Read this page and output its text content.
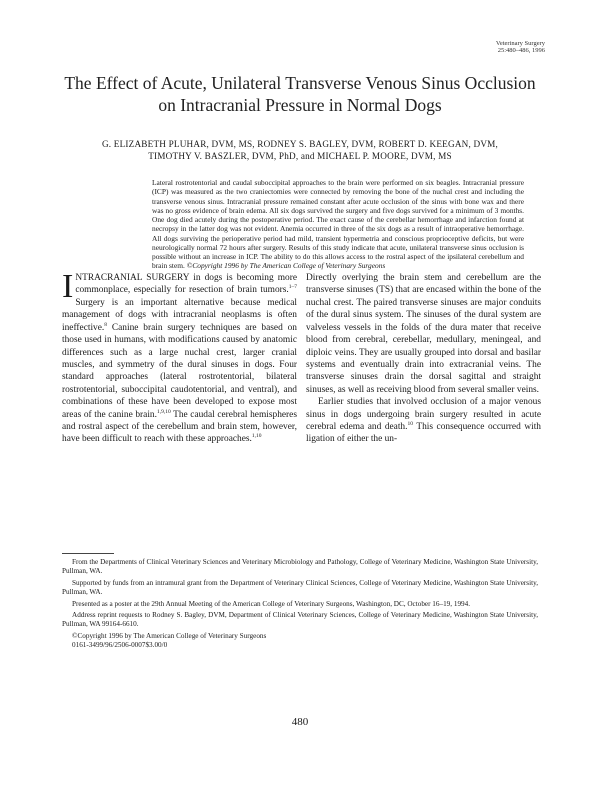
Veterinary Surgery
25:480–486, 1996
The Effect of Acute, Unilateral Transverse Venous Sinus Occlusion on Intracranial Pressure in Normal Dogs
G. ELIZABETH PLUHAR, DVM, MS, RODNEY S. BAGLEY, DVM, ROBERT D. KEEGAN, DVM,
TIMOTHY V. BASZLER, DVM, PhD, and MICHAEL P. MOORE, DVM, MS
Lateral rostrotentorial and caudal suboccipital approaches to the brain were performed on six beagles. Intracranial pressure (ICP) was measured as the two craniectomies were connected by removing the bone of the nuchal crest and including the transverse venous sinus. Intracranial pressure remained constant after acute occlusion of the sinus with bone wax and there was no gross evidence of brain edema. All six dogs survived the surgery and five dogs survived for a minimum of 3 months. One dog died acutely during the postoperative period. The exact cause of the cerebellar hemorrhage and infarction found at necropsy in the latter dog was not evident. Anemia occurred in three of the six dogs as a result of intraoperative hemorrhage. All dogs surviving the perioperative period had mild, transient hypermetria and conscious proprioceptive deficits, but were neurologically normal 72 hours after surgery. Results of this study indicate that acute, unilateral transverse sinus occlusion is possible without an increase in ICP. The ability to do this allows access to the rostral aspect of the ipsilateral cerebellum and brain stem. ©Copyright 1996 by The American College of Veterinary Surgeons

INTRACRANIAL SURGERY in dogs is becoming more commonplace, especially for resection of brain tumors.$^{1-7}$ Surgery is an important alternative because medical management of dogs with intracranial neoplasms is often ineffective.$^8$ Canine brain surgery techniques are based on those used in humans, with modifications caused by anatomic differences such as a large nuchal crest, larger cranial muscles, and symmetry of the dural sinuses in dogs. Four standard approaches (lateral rostrotentorial, bilateral rostrotentorial, suboccipital caudotentorial, and ventral), and combinations of these have been developed to expose most areas of the canine brain.$^{1,9,10}$ The caudal cerebral hemispheres and rostral aspect of the cerebellum and brain stem, however, have been difficult to reach with these approaches.$^{1,10}$

Directly overlying the brain stem and cerebellum are the transverse sinuses (TS) that are encased within the bone of the nuchal crest. The paired transverse sinuses are major conduits of the dural sinus system. The sinuses of the dural system are valveless vessels in the folds of the dura mater that receive blood from cerebral, cerebellar, medullary, meningeal, and diploic veins. They are usually grouped into dorsal and basilar systems and eventually drain into extracranial veins. The transverse sinuses drain the dorsal sagittal and straight sinuses, as well as receiving blood from several smaller veins.

Earlier studies that involved occlusion of a major venous sinus in dogs undergoing brain surgery resulted in acute cerebral edema and death.$^{10}$ This consequence occurred with ligation of either the un-

From the Departments of Clinical Veterinary Sciences and Veterinary Microbiology and Pathology, College of Veterinary Medicine, Washington State University, Pullman, WA.

Supported by funds from an intramural grant from the Department of Veterinary Clinical Sciences, College of Veterinary Medicine, Washington State University, Pullman, WA.

Presented as a poster at the 29th Annual Meeting of the American College of Veterinary Surgeons, Washington, DC, October 16–19, 1994.

Address reprint requests to Rodney S. Bagley, DVM, Department of Clinical Veterinary Sciences, College of Veterinary Medicine, Washington State University, Pullman, WA 99164-6610.

©Copyright 1996 by The American College of Veterinary Surgeons

0161-3499/96/2506-0007$3.00/0

480
